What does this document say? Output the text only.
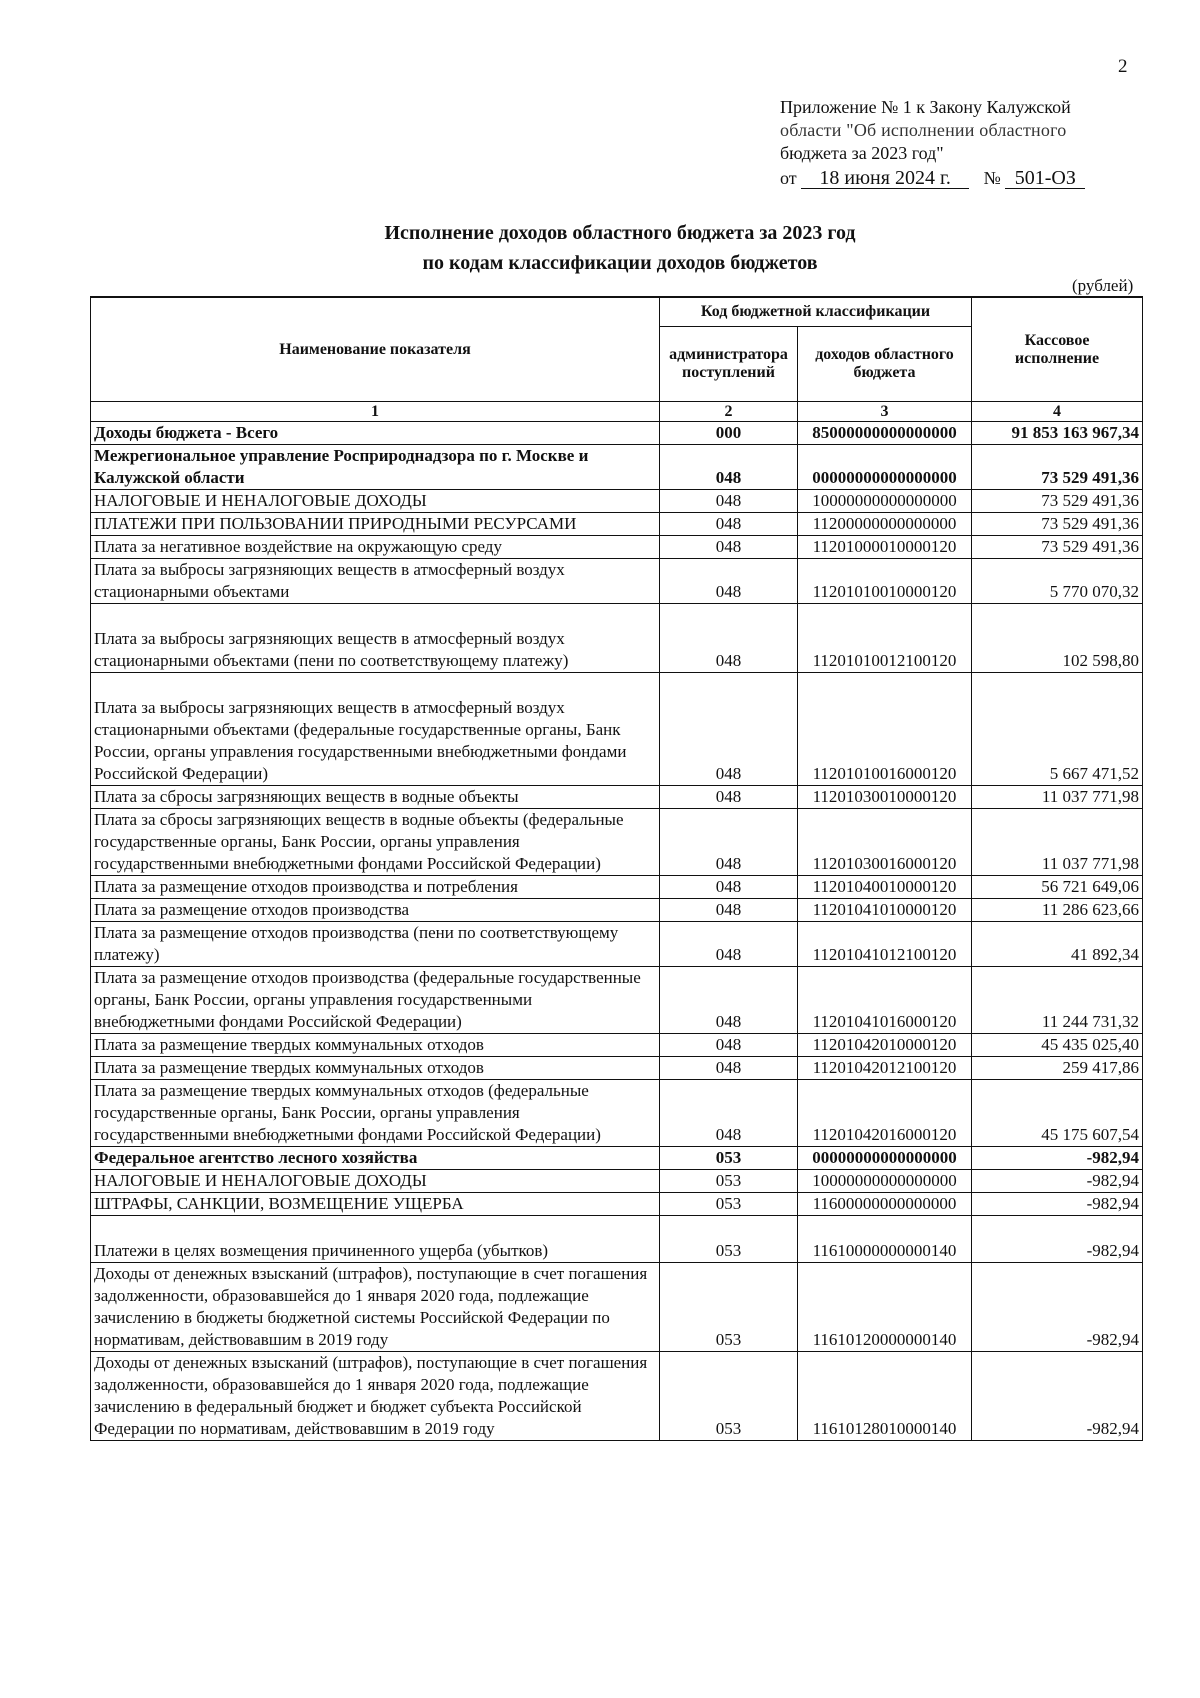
2
Приложение № 1 к Закону Калужской
области "Об исполнении областного
бюджета за 2023 год"
от 18 июня 2024 г. № 501-ОЗ
Исполнение доходов областного бюджета за 2023 год
по кодам классификации доходов бюджетов
(рублей)
Наименование показателя	Код бюджетной классификации		Кассовое исполнение
	администратора поступлений	доходов областного бюджета	
1	2	3	4
Доходы бюджета - Всего	000	85000000000000000	91 853 163 967,34
Межрегиональное управление Росприроднадзора по г. Москве и Калужской области	048	00000000000000000	73 529 491,36
НАЛОГОВЫЕ И НЕНАЛОГОВЫЕ ДОХОДЫ	048	10000000000000000	73 529 491,36
ПЛАТЕЖИ ПРИ ПОЛЬЗОВАНИИ ПРИРОДНЫМИ РЕСУРСАМИ	048	11200000000000000	73 529 491,36
Плата за негативное воздействие на окружающую среду	048	11201000010000120	73 529 491,36
Плата за выбросы загрязняющих веществ в атмосферный воздух стационарными объектами	048	11201010010000120	5 770 070,32
Плата за выбросы загрязняющих веществ в атмосферный воздух стационарными объектами (пени по соответствующему платежу)	048	11201010012100120	102 598,80
Плата за выбросы загрязняющих веществ в атмосферный воздух стационарными объектами (федеральные государственные органы, Банк России, органы управления государственными внебюджетными фондами Российской Федерации)	048	11201010016000120	5 667 471,52
Плата за сбросы загрязняющих веществ в водные объекты	048	11201030010000120	11 037 771,98
Плата за сбросы загрязняющих веществ в водные объекты (федеральные государственные органы, Банк России, органы управления государственными внебюджетными фондами Российской Федерации)	048	11201030016000120	11 037 771,98
Плата за размещение отходов производства и потребления	048	11201040010000120	56 721 649,06
Плата за размещение отходов производства	048	11201041010000120	11 286 623,66
Плата за размещение отходов производства (пени по соответствующему платежу)	048	11201041012100120	41 892,34
Плата за размещение отходов производства (федеральные государственные органы, Банк России, органы управления государственными внебюджетными фондами Российской Федерации)	048	11201041016000120	11 244 731,32
Плата за размещение твердых коммунальных отходов	048	11201042010000120	45 435 025,40
Плата за размещение твердых коммунальных отходов	048	11201042012100120	259 417,86
Плата за размещение твердых коммунальных отходов (федеральные государственные органы, Банк России, органы управления государственными внебюджетными фондами Российской Федерации)	048	11201042016000120	45 175 607,54
Федеральное агентство лесного хозяйства	053	00000000000000000	-982,94
НАЛОГОВЫЕ И НЕНАЛОГОВЫЕ ДОХОДЫ	053	10000000000000000	-982,94
ШТРАФЫ, САНКЦИИ, ВОЗМЕЩЕНИЕ УЩЕРБА	053	11600000000000000	-982,94
Платежи в целях возмещения причиненного ущерба (убытков)	053	11610000000000140	-982,94
Доходы от денежных взысканий (штрафов), поступающие в счет погашения задолженности, образовавшейся до 1 января 2020 года, подлежащие зачислению в бюджеты бюджетной системы Российской Федерации по нормативам, действовавшим в 2019 году	053	11610120000000140	-982,94
Доходы от денежных взысканий (штрафов), поступающие в счет погашения задолженности, образовавшейся до 1 января 2020 года, подлежащие зачислению в федеральный бюджет и бюджет субъекта Российской Федерации по нормативам, действовавшим в 2019 году	053	11610128010000140	-982,94
